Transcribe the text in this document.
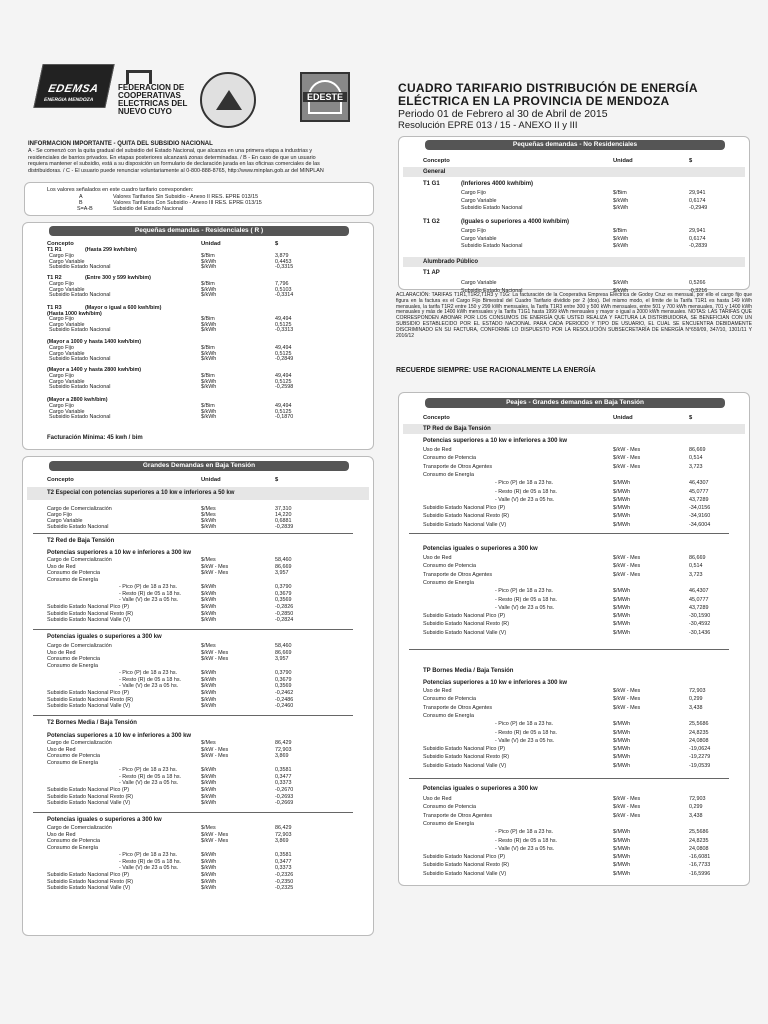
EDEMSA
ENERGIA MENDOZA
FEDERACION DE
COOPERATIVAS
ELECTRICAS DEL
NUEVO CUYO
EDESTE
CUADRO TARIFARIO DISTRIBUCIÓN DE ENERGÍA
ELÉCTRICA EN LA PROVINCIA DE MENDOZA
Periodo 01 de Febrero al 30 de Abril de 2015
Resolución EPRE 013 / 15 - ANEXO II y III
INFORMACION IMPORTANTE - QUITA DEL SUBSIDIO NACIONAL
A - Se comenzó con la quita gradual del subsidio del Estado Nacional, que alcanza en una primera etapa a industrias y
residenciales de barrios privados. En etapas posteriores alcanzará zonas determinadas. / B - En caso de que un usuario
requiera mantener el subsidio, está a su disposición un formulario de declaración jurada en las oficinas comerciales de las
distribuidoras. / C - El usuario puede renunciar voluntariamente al 0-800-888-8765, http://www.minplan.gob.ar del MINPLAN
Los valores señalados en este cuadro tarifario corresponden:
A	Valores Tarifarios Sin Subsidio - Anexo II RES. EPRE 013/15
B	Valores Tarifarios Con Subsidio - Anexo III RES. EPRE 013/15
S=A-B	Subsidio del Estado Nacional
Pequeñas demandas - Residenciales ( R )
Concepto	Unidad	$
T1 R1	(Hasta 299 kwh/bim)
Cargo Fijo	$/Bim	3,879
Cargo Variable	$/kWh	0,4453
Subsidio Estado Nacional	$/kWh	-0,3315
T1 R2	(Entre 300 y 599 kwh/bim)
Cargo Fijo	$/Bim	7,796
Cargo Variable	$/kWh	0,5103
Subsidio Estado Nacional	$/kWh	-0,3314
T1 R3	(Mayor o igual a 600 kwh/bim)
(Hasta 1000 kwh/bim)
Cargo Fijo	$/Bim	49,494
Cargo Variable	$/kWh	0,5125
Subsidio Estado Nacional	$/kWh	-0,3313
(Mayor a 1000 y hasta 1400 kwh/bim)
Cargo Fijo	$/Bim	49,494
Cargo Variable	$/kWh	0,5125
Subsidio Estado Nacional	$/kWh	-0,2849
(Mayor a 1400 y hasta 2800 kwh/bim)
Cargo Fijo	$/Bim	49,494
Cargo Variable	$/kWh	0,5125
Subsidio Estado Nacional	$/kWh	-0,2598
(Mayor a 2800 kwh/bim)
Cargo Fijo	$/Bim	49,494
Cargo Variable	$/kWh	0,5125
Subsidio Estado Nacional	$/kWh	-0,1870
Facturación Mínima: 45 kwh / bim
Grandes Demandas en Baja Tensión
Concepto	Unidad	$
T2 Especial con potencias superiores a 10 kw e inferiores a 50 kw
Cargo de Comercialización	$/Mes	37,310
Cargo Fijo	$/Mes	14,220
Cargo Variable	$/kWh	0,6881
Subsidio Estado Nacional	$/kWh	-0,2839
T2 Red de Baja Tensión
Potencias superiores a 10 kw e inferiores a 300 kw
Cargo de Comercialización	$/Mes	58,460
Uso de Red	$/kW - Mes	86,669
Consumo de Potencia	$/kW - Mes	3,957
Consumo de Energía
- Pico (P) de 18 a 23 hs.	$/kWh	0,3790
- Resto (R) de 05 a 18 hs.	$/kWh	0,3679
- Valle (V) de 23 a 05 hs.	$/kWh	0,3569
Subsidio Estado Nacional Pico (P)	$/kWh	-0,2826
Subsidio Estado Nacional Resto (R)	$/kWh	-0,2850
Subsidio Estado Nacional Valle (V)	$/kWh	-0,2824
Potencias iguales o superiores a 300 kw
Cargo de Comercialización	$/Mes	58,460
Uso de Red	$/kW - Mes	86,669
Consumo de Potencia	$/kW - Mes	3,957
Consumo de Energía
- Pico (P) de 18 a 23 hs.	$/kWh	0,3790
- Resto (R) de 05 a 18 hs.	$/kWh	0,3679
- Valle (V) de 23 a 05 hs.	$/kWh	0,3569
Subsidio Estado Nacional Pico (P)	$/kWh	-0,2462
Subsidio Estado Nacional Resto (R)	$/kWh	-0,2486
Subsidio Estado Nacional Valle (V)	$/kWh	-0,2460
T2 Bornes Media / Baja Tensión
Potencias superiores a 10 kw e inferiores a 300 kw
Cargo de Comercialización	$/Mes	86,429
Uso de Red	$/kW - Mes	72,903
Consumo de Potencia	$/kW - Mes	3,869
Consumo de Energía
- Pico (P) de 18 a 23 hs.	$/kWh	0,3581
- Resto (R) de 05 a 18 hs.	$/kWh	0,3477
- Valle (V) de 23 a 05 hs.	$/kWh	0,3373
Subsidio Estado Nacional Pico (P)	$/kWh	-0,2670
Subsidio Estado Nacional Resto (R)	$/kWh	-0,2693
Subsidio Estado Nacional Valle (V)	$/kWh	-0,2669
Potencias iguales o superiores a 300 kw
Cargo de Comercialización	$/Mes	86,429
Uso de Red	$/kW - Mes	72,903
Consumo de Potencia	$/kW - Mes	3,869
Consumo de Energía
- Pico (P) de 18 a 23 hs.	$/kWh	0,3581
- Resto (R) de 05 a 18 hs.	$/kWh	0,3477
- Valle (V) de 23 a 05 hs.	$/kWh	0,3373
Subsidio Estado Nacional Pico (P)	$/kWh	-0,2326
Subsidio Estado Nacional Resto (R)	$/kWh	-0,2350
Subsidio Estado Nacional Valle (V)	$/kWh	-0,2325
Pequeñas demandas - No Residenciales
Concepto	Unidad	$
General
T1 G1	(Inferiores 4000 kwh/bim)
Cargo Fijo	$/Bim	29,941
Cargo Variable	$/kWh	0,6174
Subsidio Estado Nacional	$/kWh	-0,2949
T1 G2	(Iguales o superiores a 4000 kwh/bim)
Cargo Fijo	$/Bim	29,941
Cargo Variable	$/kWh	0,6174
Subsidio Estado Nacional	$/kWh	-0,2839
Alumbrado Público
T1 AP
Cargo Variable	$/kWh	0,5266
Subsidio Estado Nacional	$/kWh	-0,3216
ACLARACIÓN: TARIFAS T1R1,T1R2,T1R3 y T1G: La facturación de la Cooperativa Empresa Eléctrica de Godoy Cruz es mensual, por ello el cargo fijo que figura en la factura es el Cargo Fijo Bimestral del Cuadro Tarifario dividido por 2 (dos). Del mismo modo, el límite de la Tarifa T1R1 es hasta 149 kWh mensuales, la tarifa T1R2 entre 150 y 299 kWh mensuales, la Tarifa T1R3 entre 300 y 500 kWh mensuales, entre 501 y 700 kWh mensuales, 701 y 1400 kWh mensuales y más de 1400 kWh mensuales y la Tarifa T1G1 hasta 1999 kWh mensuales y mayor o igual a 2000 kWh mensuales. NOTAS: LAS TARIFAS QUE CORRESPONDEN ABONAR POR LOS CONSUMOS DE ENERGÍA QUE USTED REALIZA Y FACTURA LA DISTRIBUIDORA, SE BENEFICIAN CON UN SUBSIDIO ESTABLECIDO POR EL ESTADO NACIONAL PARA CADA PERIODO Y TIPO DE USUARIO, EL CUAL SE ENCUENTRA DEBIDAMENTE DISCRIMINADO EN SU FACTURA, CONFORME LO DISPUESTO POR LA RESOLUCIÓN SUBSECRETARÍA DE ENERGÍA N°659/09, 347/10, 1301/11 Y 2016/12
RECUERDE SIEMPRE: USE RACIONALMENTE LA ENERGÍA
Peajes - Grandes demandas en Baja Tensión
Concepto	Unidad	$
TP Red de Baja Tensión
Potencias superiores a 10 kw e inferiores a 300 kw
Uso de Red	$/kW - Mes	86,669
Consumo de Potencia	$/kW - Mes	0,514
Transporte de Otros Agentes	$/kW - Mes	3,723
Consumo de Energía
- Pico (P) de 18 a 23 hs.	$/MWh	46,4307
- Resto (R) de 05 a 18 hs.	$/MWh	45,0777
- Valle (V) de 23 a 05 hs.	$/MWh	43,7289
Subsidio Estado Nacional Pico (P)	$/MWh	-34,0156
Subsidio Estado Nacional Resto (R)	$/MWh	-34,9160
Subsidio Estado Nacional Valle (V)	$/MWh	-34,6004
Potencias iguales o superiores a 300 kw
Uso de Red	$/kW - Mes	86,669
Consumo de Potencia	$/kW - Mes	0,514
Transporte de Otros Agentes	$/kW - Mes	3,723
Consumo de Energía
- Pico (P) de 18 a 23 hs.	$/MWh	46,4307
- Resto (R) de 05 a 18 hs.	$/MWh	45,0777
- Valle (V) de 23 a 05 hs.	$/MWh	43,7289
Subsidio Estado Nacional Pico (P)	$/MWh	-30,1590
Subsidio Estado Nacional Resto (R)	$/MWh	-30,4592
Subsidio Estado Nacional Valle (V)	$/MWh	-30,1436
TP Bornes Media / Baja Tensión
Potencias superiores a 10 kw e inferiores a 300 kw
Uso de Red	$/kW - Mes	72,903
Consumo de Potencia	$/kW - Mes	0,299
Transporte de Otros Agentes	$/kW - Mes	3,438
Consumo de Energía
- Pico (P) de 18 a 23 hs.	$/MWh	25,5686
- Resto (R) de 05 a 18 hs.	$/MWh	24,8235
- Valle (V) de 23 a 05 hs.	$/MWh	24,0808
Subsidio Estado Nacional Pico (P)	$/MWh	-19,0624
Subsidio Estado Nacional Resto (R)	$/MWh	-19,2279
Subsidio Estado Nacional Valle (V)	$/MWh	-19,0539
Potencias iguales o superiores a 300 kw
Uso de Red	$/kW - Mes	72,903
Consumo de Potencia	$/kW - Mes	0,299
Transporte de Otros Agentes	$/kW - Mes	3,438
Consumo de Energía
- Pico (P) de 18 a 23 hs.	$/MWh	25,5686
- Resto (R) de 05 a 18 hs.	$/MWh	24,8235
- Valle (V) de 23 a 05 hs.	$/MWh	24,0808
Subsidio Estado Nacional Pico (P)	$/MWh	-16,6081
Subsidio Estado Nacional Resto (R)	$/MWh	-16,7733
Subsidio Estado Nacional Valle (V)	$/MWh	-16,5996
